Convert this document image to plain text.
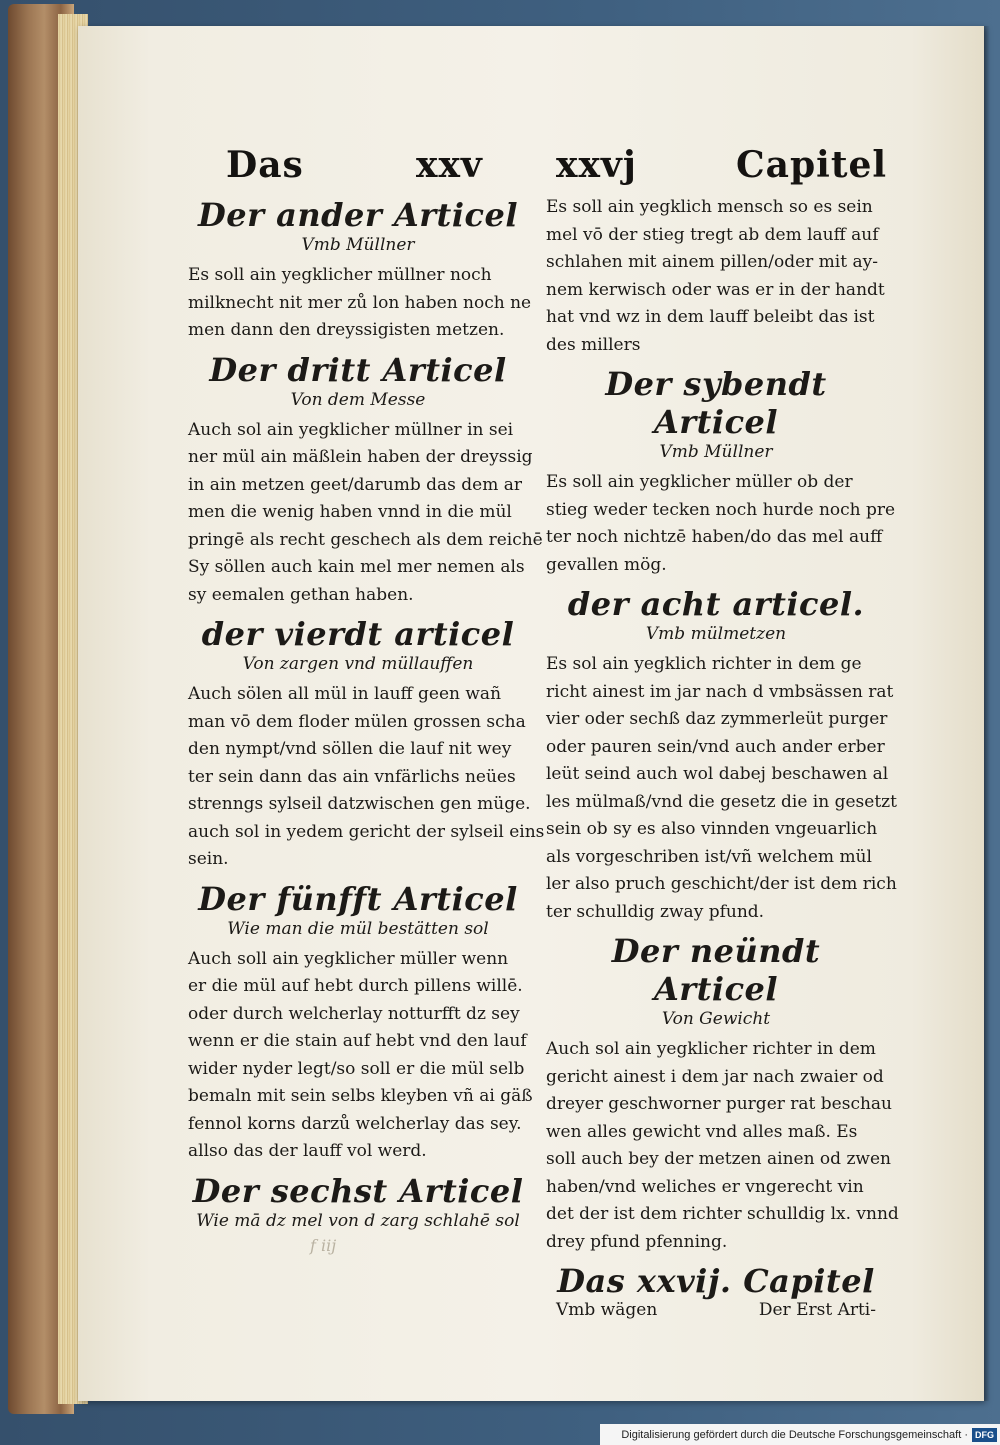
Das	xxv xxvj	Capitel
Der ander Articel
Vmb Müllner

Es soll ain yegklicher müllner noch

milknecht nit mer zů lon haben noch ne

men dann den dreyssigisten metzen.

Der dritt Articel
Von dem Messe

Auch sol ain yegklicher müllner in sei

ner mül ain mäßlein haben der dreyssig

in ain metzen geet/darumb das dem ar

men die wenig haben vnnd in die mül

pringē als recht geschech als dem reichē

Sy söllen auch kain mel mer nemen als

sy eemalen gethan haben.

der vierdt articel
Von zargen vnd müllauffen

Auch sölen all mül in lauff geen wañ

man vō dem floder mülen grossen scha

den nympt/vnd söllen die lauf nit wey

ter sein dann das ain vnfärlichs neües

strenngs sylseil datzwischen gen müge.

auch sol in yedem gericht der sylseil eins

sein.

Der fünfft Articel
Wie man die mül bestätten sol

Auch soll ain yegklicher müller wenn

er die mül auf hebt durch pillens willē.

oder durch welcherlay notturfft dz sey

wenn er die stain auf hebt vnd den lauf

wider nyder legt/so soll er die mül selb

bemaln mit sein selbs kleyben vñ ai gäß

fennol korns darzů welcherlay das sey.

allso das der lauff vol werd.

Der sechst Articel
Wie mā dz mel von d zarg schlahē sol

Es soll ain yegklich mensch so es sein

mel vō der stieg tregt ab dem lauff auf

schlahen mit ainem pillen/oder mit ay-

nem kerwisch oder was er in der handt

hat vnd wz in dem lauff beleibt das ist

des millers

Der sybendt Articel
Vmb Müllner

Es soll ain yegklicher müller ob der

stieg weder tecken noch hurde noch pre

ter noch nichtzē haben/do das mel auff

gevallen mög.

der acht articel.
Vmb mülmetzen

Es sol ain yegklich richter in dem ge

richt ainest im jar nach d vmbsässen rat

vier oder sechß daz zymmerleüt purger

oder pauren sein/vnd auch ander erber

leüt seind auch wol dabej beschawen al

les mülmaß/vnd die gesetz die in gesetzt

sein ob sy es also vinnden vngeuarlich

als vorgeschriben ist/vñ welchem mül

ler also pruch geschicht/der ist dem rich

ter schulldig zway pfund.

Der neündt Articel
Von Gewicht

Auch sol ain yegklicher richter in dem

gericht ainest i dem jar nach zwaier od

dreyer geschworner purger rat beschau

wen alles gewicht vnd alles maß. Es

soll auch bey der metzen ainen od zwen

haben/vnd weliches er vngerecht vin

det der ist dem richter schulldig lx. vnnd

drey pfund pfenning.

Das xxvij. Capitel
Vmb wägen	Der Erst Arti-
f iij
Digitalisierung gefördert durch die Deutsche Forschungsgemeinschaft · DFG
